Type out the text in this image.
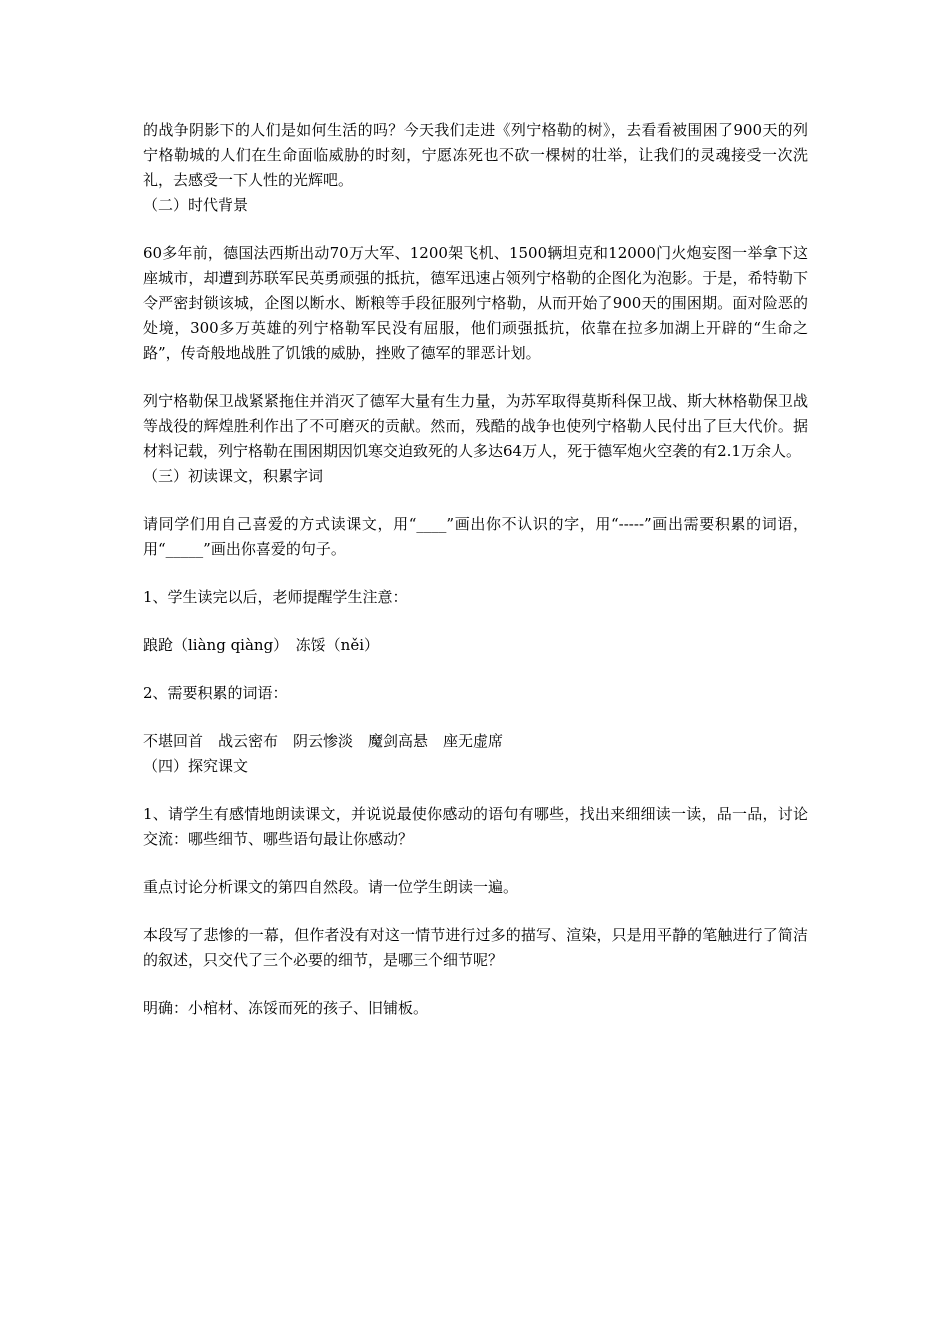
的战争阴影下的人们是如何生活的吗？今天我们走进《列宁格勒的树》，去看看被围困了900天的列宁格勒城的人们在生命面临威胁的时刻，宁愿冻死也不砍一棵树的壮举，让我们的灵魂接受一次洗礼，去感受一下人性的光辉吧。

（二）时代背景

60多年前，德国法西斯出动70万大军、1200架飞机、1500辆坦克和12000门火炮妄图一举拿下这座城市，却遭到苏联军民英勇顽强的抵抗，德军迅速占领列宁格勒的企图化为泡影。于是，希特勒下令严密封锁该城，企图以断水、断粮等手段征服列宁格勒，从而开始了900天的围困期。面对险恶的处境，300多万英雄的列宁格勒军民没有屈服，他们顽强抵抗，依靠在拉多加湖上开辟的“生命之路”，传奇般地战胜了饥饿的威胁，挫败了德军的罪恶计划。

列宁格勒保卫战紧紧拖住并消灭了德军大量有生力量，为苏军取得莫斯科保卫战、斯大林格勒保卫战等战役的辉煌胜利作出了不可磨灭的贡献。然而，残酷的战争也使列宁格勒人民付出了巨大代价。据材料记载，列宁格勒在围困期因饥寒交迫致死的人多达64万人，死于德军炮火空袭的有2.1万余人。

（三）初读课文，积累字词

请同学们用自己喜爱的方式读课文，用“____”画出你不认识的字，用“-----”画出需要积累的词语，用“_____”画出你喜爱的句子。

1、学生读完以后，老师提醒学生注意：

踉跄（liàng qiàng）　冻馁（něi）

2、需要积累的词语：

不堪回首　战云密布　阴云惨淡　魔剑高悬　座无虚席

（四）探究课文

1、请学生有感情地朗读课文，并说说最使你感动的语句有哪些，找出来细细读一读，品一品，讨论交流：哪些细节、哪些语句最让你感动？

重点讨论分析课文的第四自然段。请一位学生朗读一遍。

本段写了悲惨的一幕，但作者没有对这一情节进行过多的描写、渲染，只是用平静的笔触进行了简洁的叙述，只交代了三个必要的细节，是哪三个细节呢？

明确：小棺材、冻馁而死的孩子、旧铺板。
